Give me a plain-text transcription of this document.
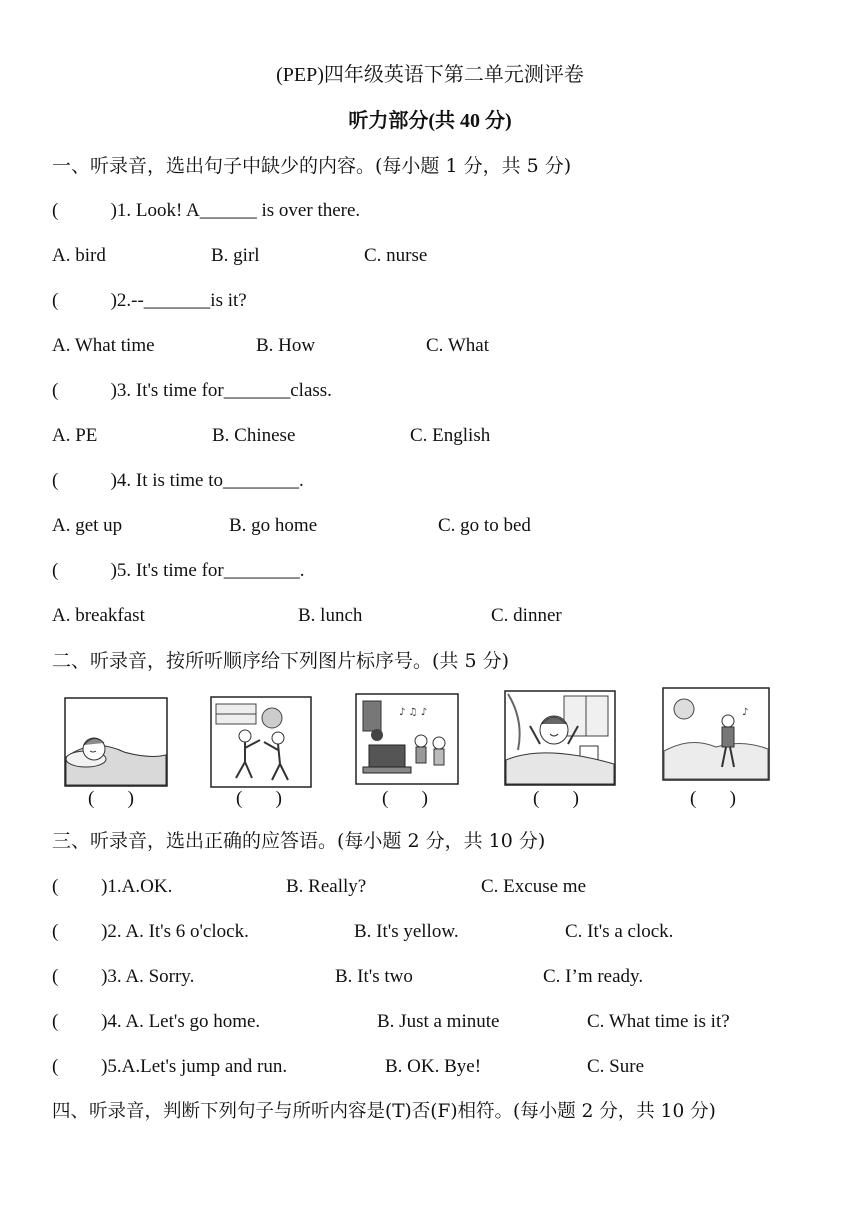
(PEP)四年级英语下第二单元测评卷
听力部分(共 40 分)
一、听录音，选出句子中缺少的内容。(每小题 1 分，共 5 分)
(           )1. Look! A______ is over there.
A. bird	B. girl	C. nurse
(           )2.--_______is it?
A. What time	B. How	C. What
(           )3. It's time for_______class.
A. PE	B. Chinese	C. English
(           )4. It is time to________.
A. get up	B. go home	C. go to bed
(           )5. It's time for________.
A. breakfast	B. lunch	C. dinner
二、听录音，按所听顺序给下列图片标序号。(共 5 分)
(       )	(       )
♪ ♫ ♪
(       )	(       )
♪
(       )
三、听录音，选出正确的应答语。(每小题 2 分，共 10 分)
(         )1.A.OK.	B. Really?	C. Excuse me
(         )2. A. It's 6 o'clock.	B. It's yellow.	C. It's a clock.
(         )3. A. Sorry.	B. It's two	C. I’m ready.
(         )4. A. Let's go home.	B. Just a minute	C. What time is it?
(         )5.A.Let's jump and run.	B. OK. Bye!	C. Sure
四、听录音，判断下列句子与所听内容是(T)否(F)相符。(每小题 2 分，共 10 分)
